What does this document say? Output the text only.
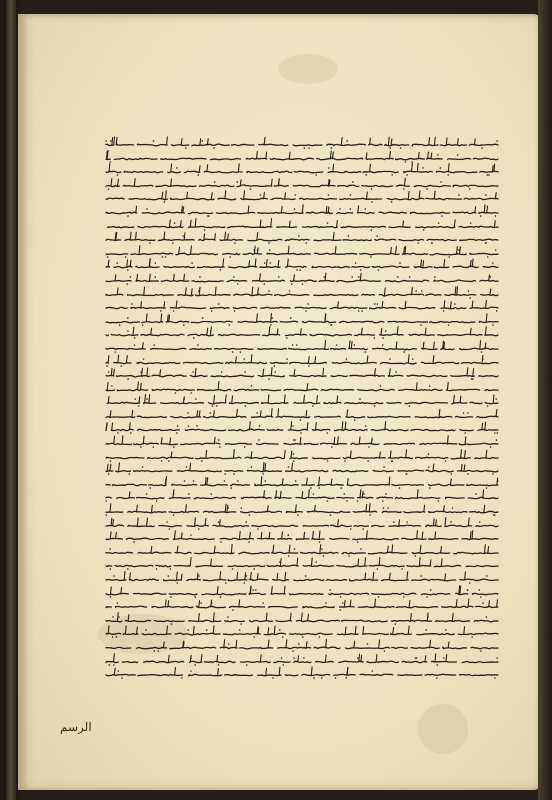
الرسم
